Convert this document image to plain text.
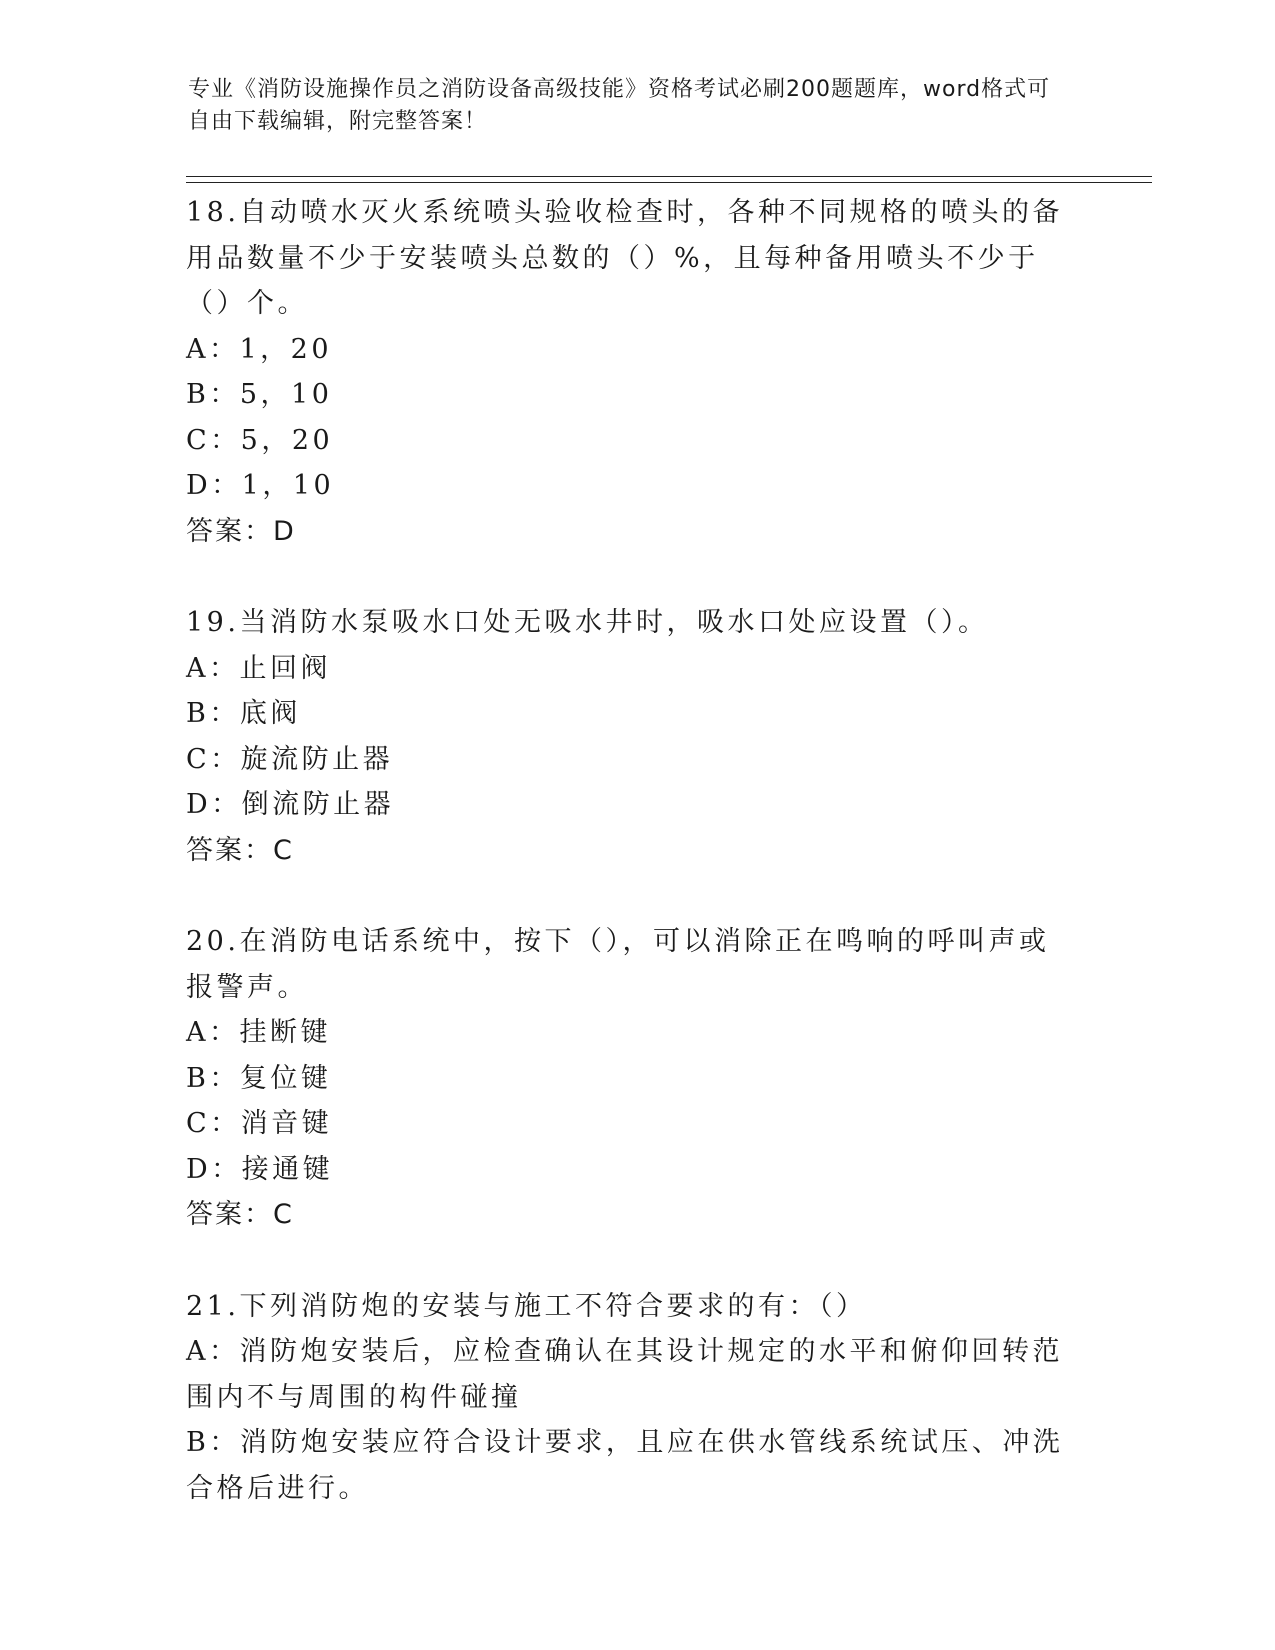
专业《消防设施操作员之消防设备高级技能》资格考试必刷200题题库，word格式可自由下载编辑，附完整答案！

18.自动喷水灭火系统喷头验收检查时，各种不同规格的喷头的备用品数量不少于安装喷头总数的（）%，且每种备用喷头不少于（）个。

A：1，20

B：5，10

C：5，20

D：1，10

答案：D

19.当消防水泵吸水口处无吸水井时，吸水口处应设置（）。

A：止回阀

B：底阀

C：旋流防止器

D：倒流防止器

答案：C

20.在消防电话系统中，按下（），可以消除正在鸣响的呼叫声或报警声。

A：挂断键

B：复位键

C：消音键

D：接通键

答案：C

21.下列消防炮的安装与施工不符合要求的有：（）

A：消防炮安装后，应检查确认在其设计规定的水平和俯仰回转范围内不与周围的构件碰撞

B：消防炮安装应符合设计要求，且应在供水管线系统试压、冲洗合格后进行。
